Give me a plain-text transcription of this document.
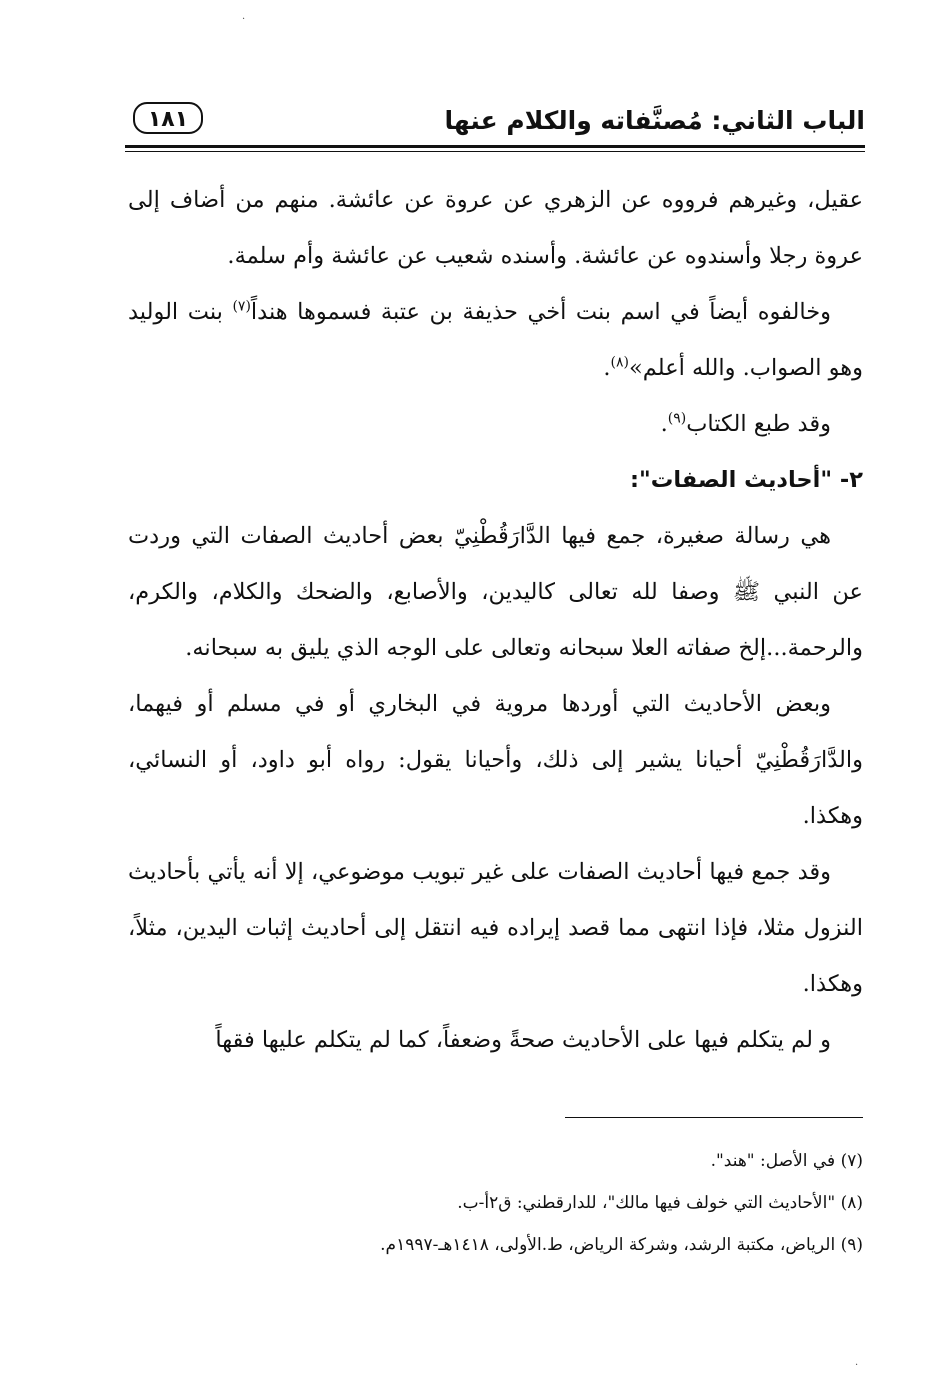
الباب الثاني: مُصنَّفاته والكلام عنها
١٨١

عقيل، وغيرهم فرووه عن الزهري عن عروة عن عائشة. منهم من أضاف إلى عروة رجلا وأسندوه عن عائشة. وأسنده شعيب عن عائشة وأم سلمة.

وخالفوه أيضاً في اسم بنت أخي حذيفة بن عتبة فسموها هنداً$^{(٧)}$ بنت الوليد وهو الصواب. والله أعلم»$^{(٨)}$.

وقد طبع الكتاب$^{(٩)}$.

٢- "أحاديث الصفات":

هي رسالة صغيرة، جمع فيها الدَّارَقُطْنِيّ بعض أحاديث الصفات التي وردت عن النبي ﷺ وصفا لله تعالى كاليدين، والأصابع، والضحك والكلام، والكرم، والرحمة...إلخ صفاته العلا سبحانه وتعالى على الوجه الذي يليق به سبحانه.

وبعض الأحاديث التي أوردها مروية في البخاري أو في مسلم أو فيهما، والدَّارَقُطْنِيّ أحيانا يشير إلى ذلك، وأحيانا يقول: رواه أبو داود، أو النسائي، وهكذا.

وقد جمع فيها أحاديث الصفات على غير تبويب موضوعي، إلا أنه يأتي بأحاديث النزول مثلا، فإذا انتهى مما قصد إيراده فيه انتقل إلى أحاديث إثبات اليدين، مثلاً، وهكذا.

و لم يتكلم فيها على الأحاديث صحةً وضعفاً، كما لم يتكلم عليها فقهاً

(٧) في الأصل: "هند".

(٨) "الأحاديث التي خولف فيها مالك"، للدارقطني: ق٢أ-ب.

(٩) الرياض، مكتبة الرشد، وشركة الرياض، ط.الأولى، ١٤١٨هـ-١٩٩٧م.

·
·
